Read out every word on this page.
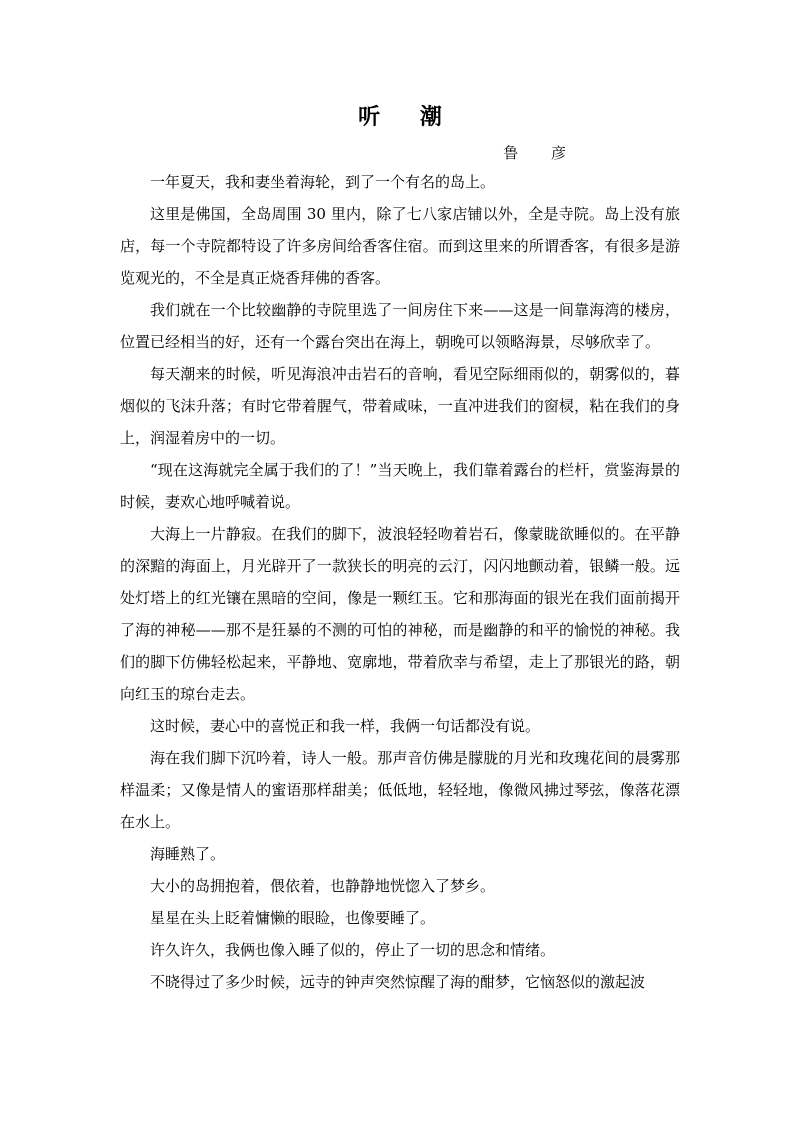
听 潮
鲁 彦

一年夏天，我和妻坐着海轮，到了一个有名的岛上。

这里是佛国，全岛周围 30 里内，除了七八家店铺以外，全是寺院。岛上没有旅店，每一个寺院都特设了许多房间给香客住宿。而到这里来的所谓香客，有很多是游览观光的，不全是真正烧香拜佛的香客。

我们就在一个比较幽静的寺院里选了一间房住下来——这是一间靠海湾的楼房，位置已经相当的好，还有一个露台突出在海上，朝晚可以领略海景，尽够欣幸了。

每天潮来的时候，听见海浪冲击岩石的音响，看见空际细雨似的，朝雾似的，暮烟似的飞沫升落；有时它带着腥气，带着咸味，一直冲进我们的窗棂，粘在我们的身上，润湿着房中的一切。

“现在这海就完全属于我们的了！”当天晚上，我们靠着露台的栏杆，赏鉴海景的时候，妻欢心地呼喊着说。

大海上一片静寂。在我们的脚下，波浪轻轻吻着岩石，像蒙眬欲睡似的。在平静的深黯的海面上，月光辟开了一款狭长的明亮的云汀，闪闪地颤动着，银鳞一般。远处灯塔上的红光镶在黑暗的空间，像是一颗红玉。它和那海面的银光在我们面前揭开了海的神秘——那不是狂暴的不测的可怕的神秘，而是幽静的和平的愉悦的神秘。我们的脚下仿佛轻松起来，平静地、宽廓地，带着欣幸与希望，走上了那银光的路，朝向红玉的琼台走去。

这时候，妻心中的喜悦正和我一样，我俩一句话都没有说。

海在我们脚下沉吟着，诗人一般。那声音仿佛是朦胧的月光和玫瑰花间的晨雾那样温柔；又像是情人的蜜语那样甜美；低低地，轻轻地，像微风拂过琴弦，像落花漂在水上。

海睡熟了。

大小的岛拥抱着，偎依着，也静静地恍惚入了梦乡。

星星在头上眨着慵懒的眼睑，也像要睡了。

许久许久，我俩也像入睡了似的，停止了一切的思念和情绪。

不晓得过了多少时候，远寺的钟声突然惊醒了海的酣梦，它恼怒似的激起波
